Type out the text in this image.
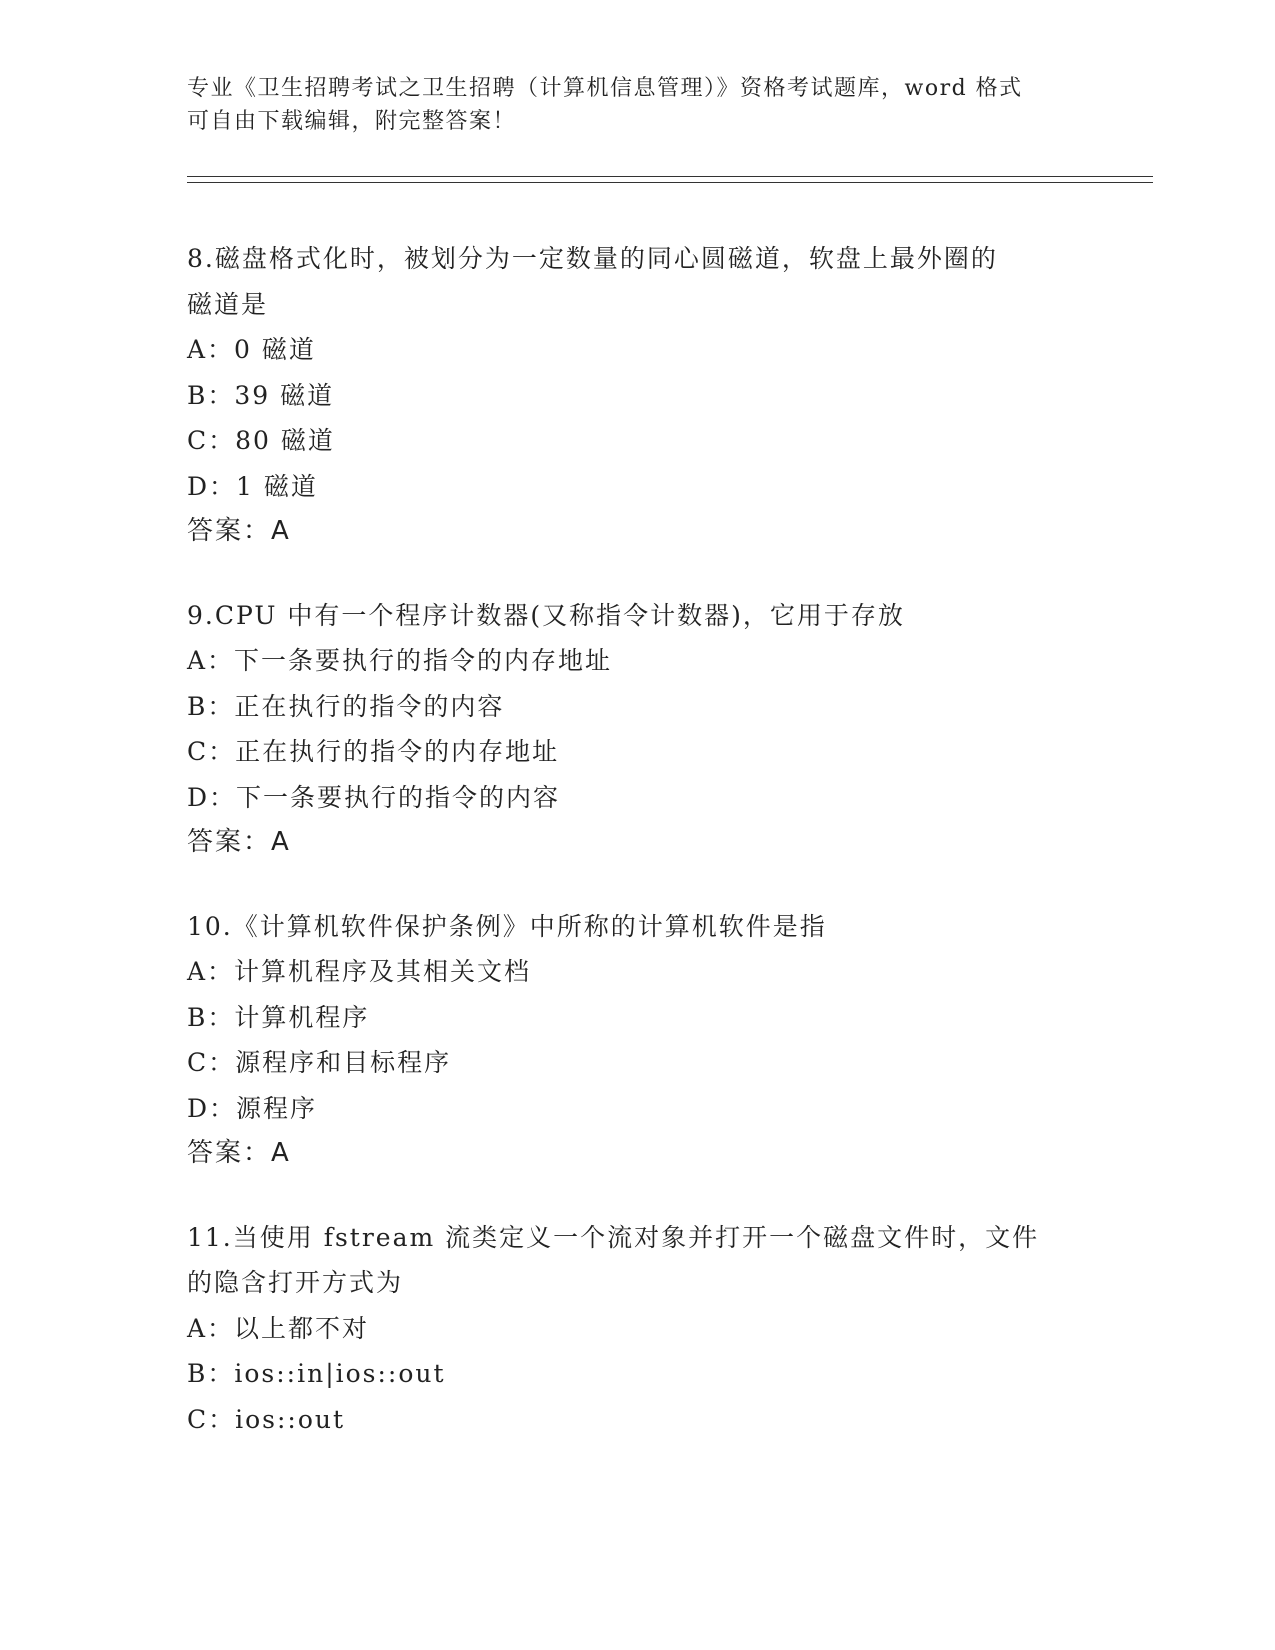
专业《卫生招聘考试之卫生招聘（计算机信息管理）》资格考试题库，word 格式
可自由下载编辑，附完整答案！
8.磁盘格式化时，被划分为一定数量的同心圆磁道，软盘上最外圈的
磁道是
A：0 磁道
B：39 磁道
C：80 磁道
D：1 磁道
答案：A
9.CPU 中有一个程序计数器(又称指令计数器)，它用于存放
A：下一条要执行的指令的内存地址
B：正在执行的指令的内容
C：正在执行的指令的内存地址
D：下一条要执行的指令的内容
答案：A
10.《计算机软件保护条例》中所称的计算机软件是指
A：计算机程序及其相关文档
B：计算机程序
C：源程序和目标程序
D：源程序
答案：A
11.当使用 fstream 流类定义一个流对象并打开一个磁盘文件时，文件
的隐含打开方式为
A：以上都不对
B：ios::in|ios::out
C：ios::out
